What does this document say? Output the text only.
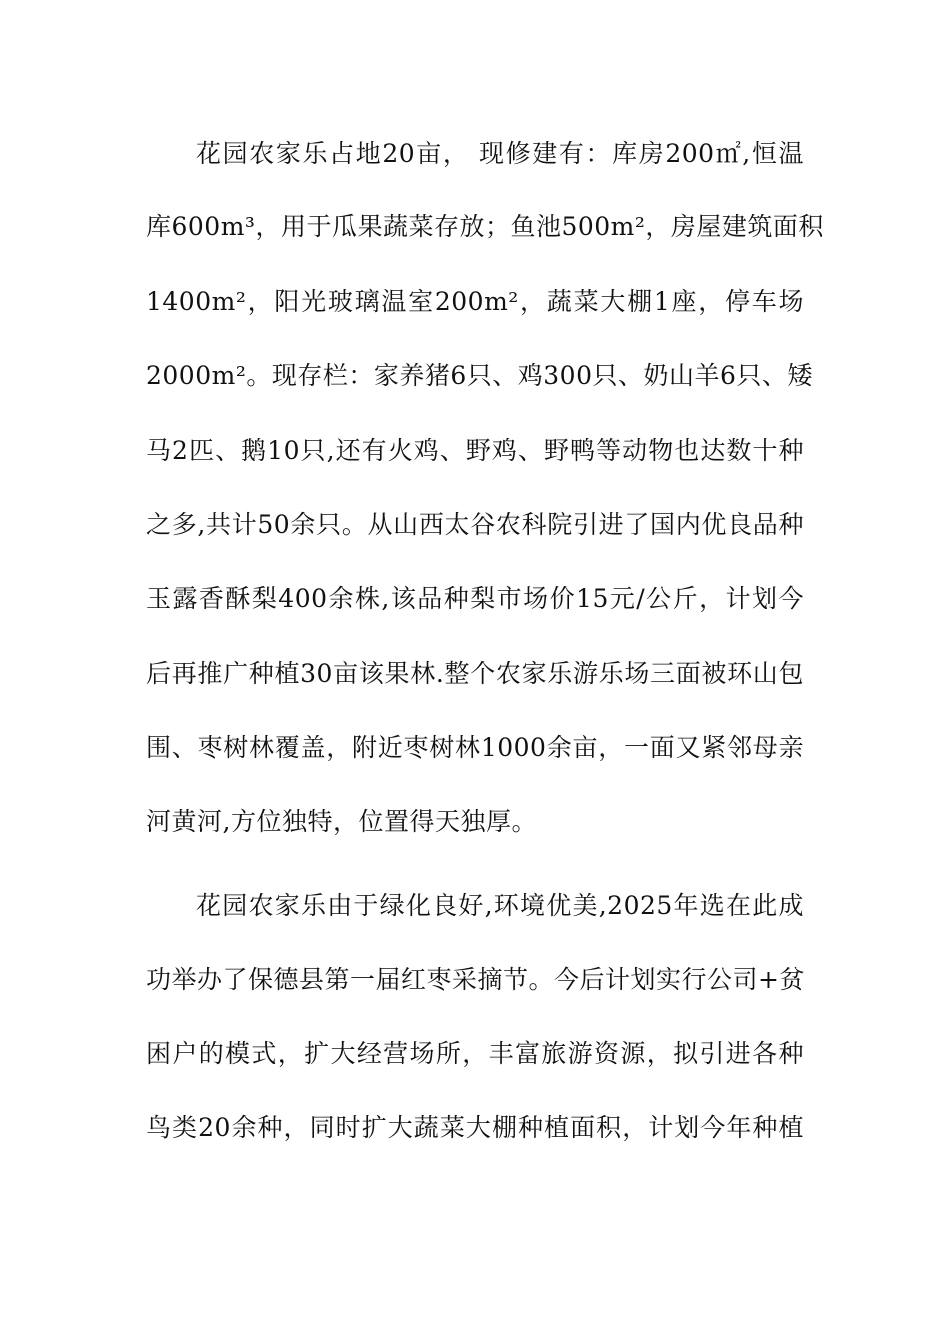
花园农家乐占地20亩， 现修建有：库房200㎡,恒温
库600m³，用于瓜果蔬菜存放；鱼池500m²，房屋建筑面积
1400m²，阳光玻璃温室200m²，蔬菜大棚1座，停车场
2000m²。现存栏：家养猪6只、鸡300只、奶山羊6只、矮
马2匹、鹅10只,还有火鸡、野鸡、野鸭等动物也达数十种
之多,共计50余只。从山西太谷农科院引进了国内优良品种
玉露香酥梨400余株,该品种梨市场价15元/公斤，计划今
后再推广种植30亩该果林.整个农家乐游乐场三面被环山包
围、枣树林覆盖，附近枣树林1000余亩，一面又紧邻母亲
河黄河,方位独特，位置得天独厚。
花园农家乐由于绿化良好,环境优美,2025年选在此成
功举办了保德县第一届红枣采摘节。今后计划实行公司+贫
困户的模式，扩大经营场所，丰富旅游资源，拟引进各种
鸟类20余种，同时扩大蔬菜大棚种植面积，计划今年种植
